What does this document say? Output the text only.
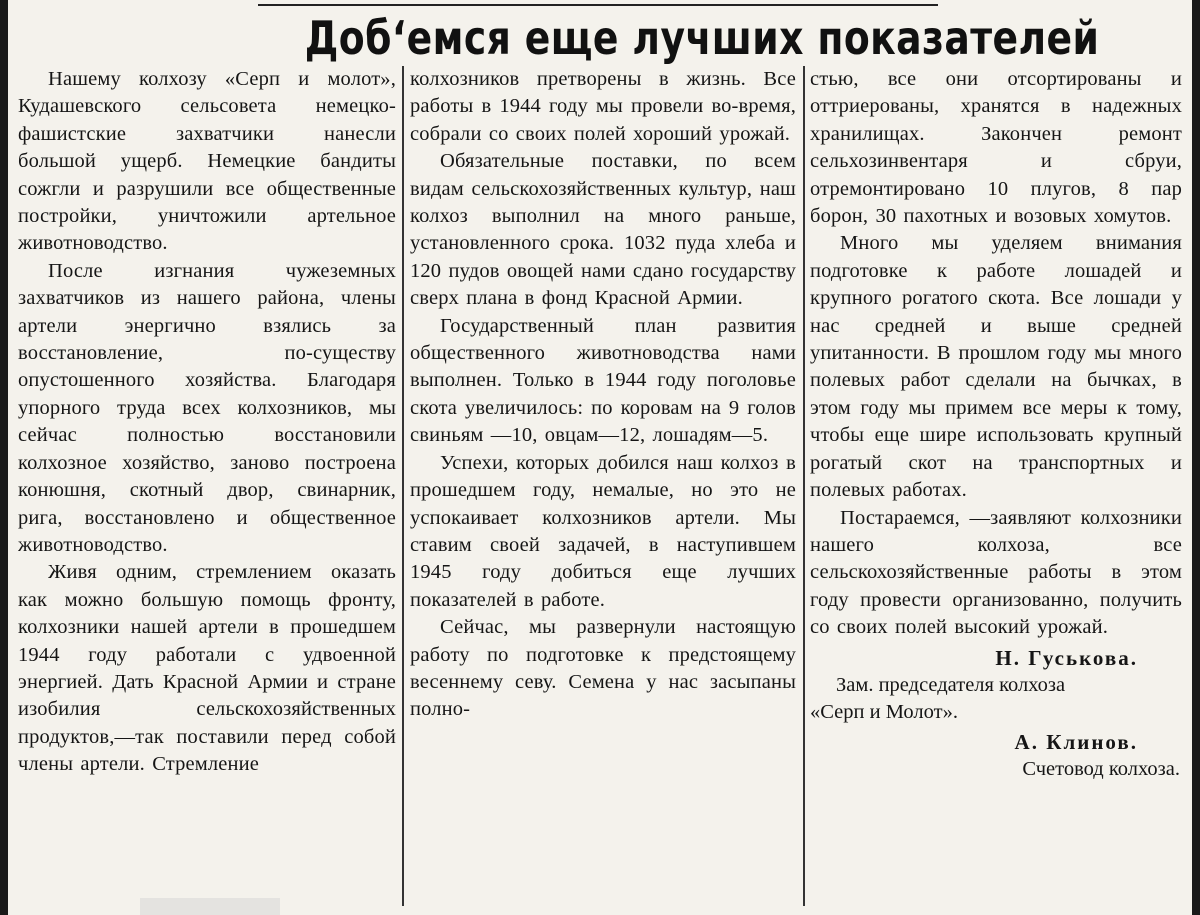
Доб‘емся еще лучших показателей

Нашему колхозу «Серп и молот», Кудашевского сельсовета немецко-фашистские захватчики нанесли большой ущерб. Немецкие бандиты сожгли и разрушили все общественные постройки, уничтожили артельное животноводство.

После изгнания чужеземных захватчиков из нашего района, члены артели энергично взялись за восстановление, по-существу опустошенного хозяйства. Благодаря упорного труда всех колхозников, мы сейчас полностью восстановили колхозное хозяйство, заново построена конюшня, скотный двор, свинарник, рига, восстановлено и общественное животноводство.

Живя одним, стремлением оказать как можно большую помощь фронту, колхозники нашей артели в прошедшем 1944 году работали с удвоенной энергией. Дать Красной Армии и стране изобилия сельскохозяйственных продуктов,—так поставили перед собой члены артели. Стремление

колхозников претворены в жизнь. Все работы в 1944 году мы провели во-время, собрали со своих полей хороший урожай.

Обязательные поставки, по всем видам сельскохозяйственных культур, наш колхоз выполнил на много раньше, установленного срока. 1032 пуда хлеба и 120 пудов овощей нами сдано государству сверх плана в фонд Красной Армии.

Государственный план развития общественного животноводства нами выполнен. Только в 1944 году поголовье скота увеличилось: по коровам на 9 голов свиньям —10, овцам—12, лошадям—5.

Успехи, которых добился наш колхоз в прошедшем году, немалые, но это не успокаивает колхозников артели. Мы ставим своей задачей, в наступившем 1945 году добиться еще лучших показателей в работе.

Сейчас, мы развернули настоящую работу по подготовке к предстоящему весеннему севу. Семена у нас засыпаны полно-

стью, все они отсортированы и оттриерованы, хранятся в надежных хранилищах. Закончен ремонт сельхозинвентаря и сбруи, отремонтировано 10 плугов, 8 пар борон, 30 пахотных и возовых хомутов.

Много мы уделяем внимания подготовке к работе лошадей и крупного рогатого скота. Все лошади у нас средней и выше средней упитанности. В прошлом году мы много полевых работ сделали на бычках, в этом году мы примем все меры к тому, чтобы еще шире использовать крупный рогатый скот на транспортных и полевых работах.

Постараемся, —заявляют колхозники нашего колхоза, все сельскохозяйственные работы в этом году провести организованно, получить со своих полей высокий урожай.

Н. Гуськова.

Зам. председателя колхоза

«Серп и Молот».

А. Клинов.

Счетовод колхоза.
